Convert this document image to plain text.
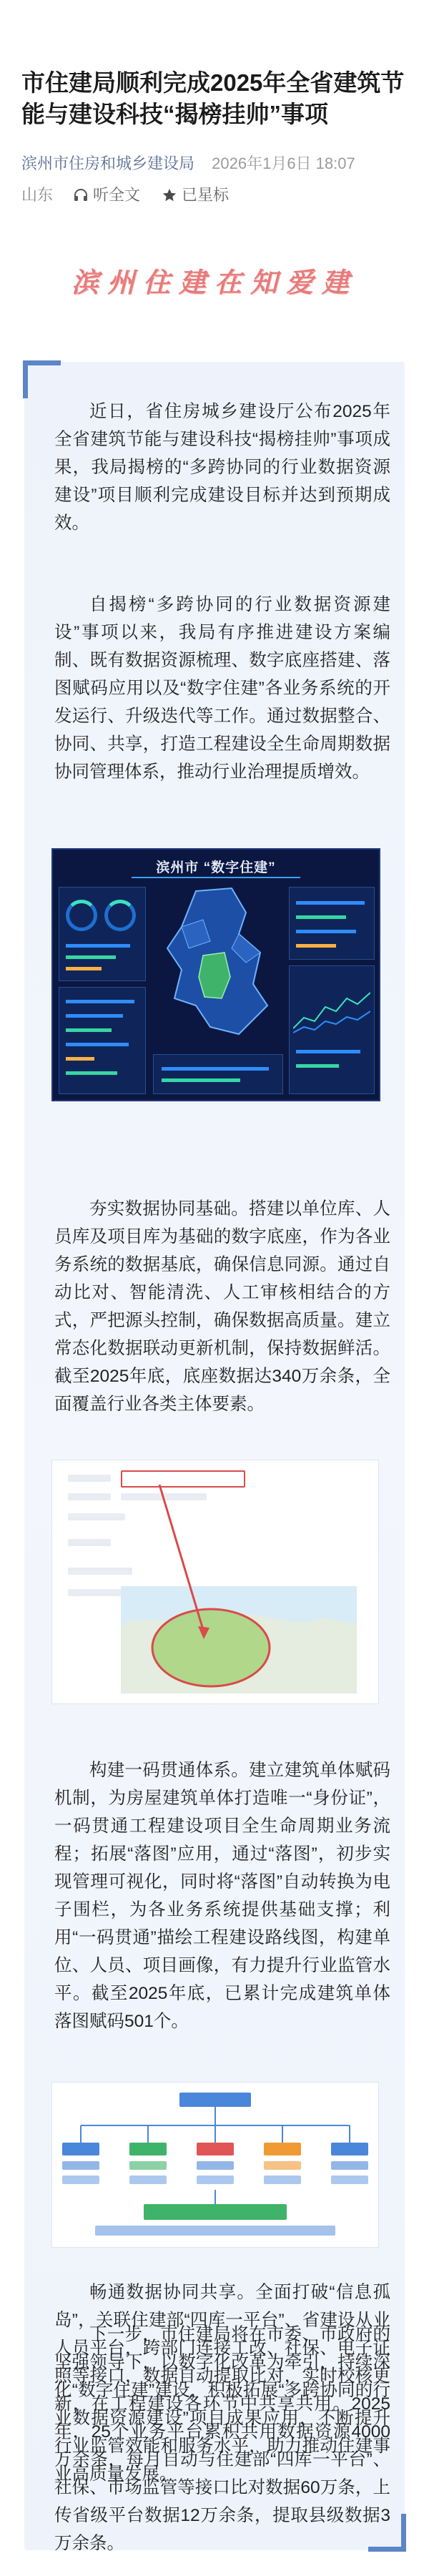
市住建局顺利完成2025年全省建筑节能与建设科技“揭榜挂帅”事项
滨州市住房和城乡建设局 2026年1月6日 18:07
山东	听全文	已星标
滨州住建在知爱建

近日，省住房城乡建设厅公布2025年全省建筑节能与建设科技“揭榜挂帅”事项成果，我局揭榜的“多跨协同的行业数据资源建设”项目顺利完成建设目标并达到预期成效。

自揭榜“多跨协同的行业数据资源建设”事项以来，我局有序推进建设方案编制、既有数据资源梳理、数字底座搭建、落图赋码应用以及“数字住建”各业务系统的开发运行、升级迭代等工作。通过数据整合、协同、共享，打造工程建设全生命周期数据协同管理体系，推动行业治理提质增效。

滨州市 “数字住建”

夯实数据协同基础。搭建以单位库、人员库及项目库为基础的数字底座，作为各业务系统的数据基底，确保信息同源。通过自动比对、智能清洗、人工审核相结合的方式，严把源头控制，确保数据高质量。建立常态化数据联动更新机制，保持数据鲜活。截至2025年底，底座数据达340万余条，全面覆盖行业各类主体要素。

构建一码贯通体系。建立建筑单体赋码机制，为房屋建筑单体打造唯一“身份证”，一码贯通工程建设项目全生命周期业务流程；拓展“落图”应用，通过“落图”，初步实现管理可视化，同时将“落图”自动转换为电子围栏，为各业务系统提供基础支撑；利用“一码贯通”描绘工程建设路线图，构建单位、人员、项目画像，有力提升行业监管水平。截至2025年底，已累计完成建筑单体落图赋码501个。

畅通数据协同共享。全面打破“信息孤岛”，关联住建部“四库一平台”、省建设从业人员平台，跨部门连接工改、社保、电子证照等接口，数据自动提取比对，实时校核更新，在工程建设各环节中共享共用。2025年，25个业务平台累积共用数据资源4000万余条，每月自动与住建部“四库一平台”、社保、市场监管等接口比对数据60万条，上传省级平台数据12万余条，提取县级数据3万余条。

下一步，市住建局将在市委、市政府的坚强领导下，以数字化改革为牵引，持续深化“数字住建”建设，积极拓展“多跨协同的行业数据资源建设”项目成果应用，不断提升行业监管效能和服务水平，助力推动住建事业高质量发展。
